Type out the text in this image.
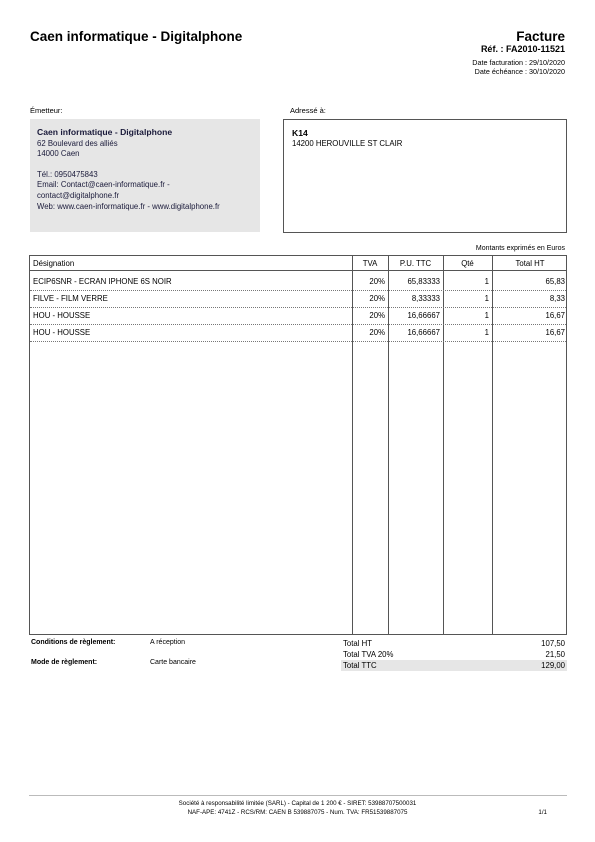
Caen informatique - Digitalphone	Facture
Réf. : FA2010-11521
Date facturation : 29/10/2020
Date échéance : 30/10/2020
Émetteur:
Caen informatique - Digitalphone
62 Boulevard des alliés
14000 Caen
Tél.: 0950475843
Email: Contact@caen-informatique.fr -
contact@digitalphone.fr
Web: www.caen-informatique.fr - www.digitalphone.fr
Adressé à:
K14
14200 HEROUVILLE ST CLAIR
Montants exprimés en Euros
Désignation	TVA	P.U. TTC	Qté	Total HT
ECIP6SNR - ECRAN IPHONE 6S NOIR	20%	65,83333	1	65,83
FILVE - FILM VERRE	20%	8,33333	1	8,33
HOU - HOUSSE	20%	16,66667	1	16,67
HOU - HOUSSE	20%	16,66667	1	16,67
Conditions de règlement:	A réception
Mode de règlement:	Carte bancaire
Total HT	107,50
Total TVA 20%	21,50
Total TTC	129,00
Société à responsabilité limitée (SARL) - Capital de 1 200 € - SIRET: 53988707500031
NAF-APE: 4741Z - RCS/RM: CAEN B 539887075 - Num. TVA: FR51539887075	1/1
